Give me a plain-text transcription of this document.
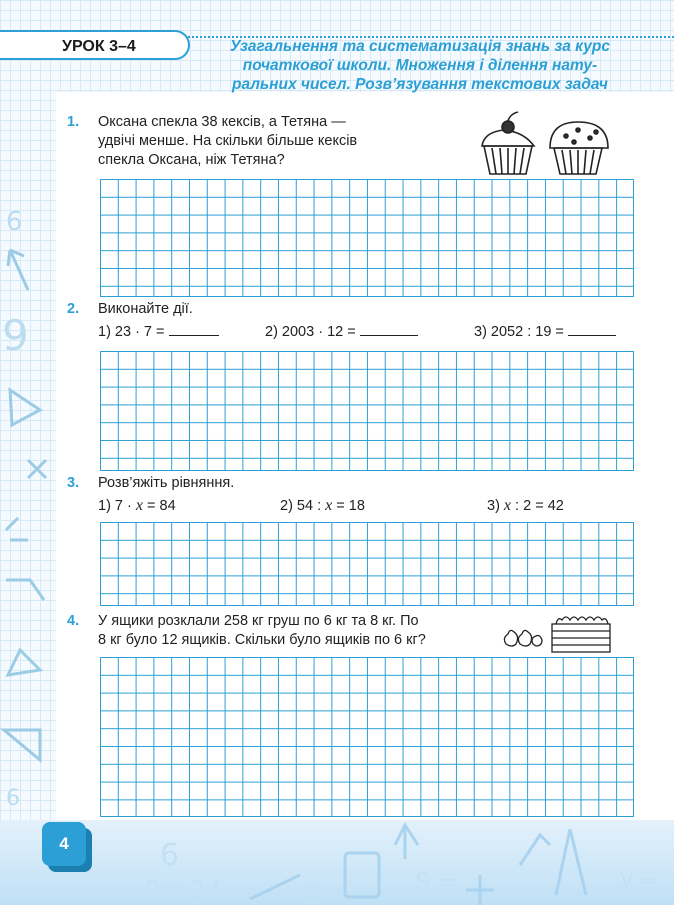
УРОК 3–4	Узагальнення та систематизація знань за курс
початкової школи. Множення і ділення нату-
ральних чисел. Розв’язування текстових задач
1. Оксана спекла 38 кексів, а Тетяна —
удвічі менше. На скільки більше кексів
спекла Оксана, ніж Тетяна?
2. Виконайте дії.
1) 23 · 7 =	2) 2003 · 12 =	3) 2052 : 19 =
3. Розв’яжіть рівняння.
1) 7 · x = 84	2) 54 : x = 18	3) x : 2 = 42
4. У ящики розклали 258 кг груш по 6 кг та 8 кг. По
8 кг було 12 ящиків. Скільки було ящиків по 6 кг?
6
9
6
6
P = 2 (	3	S =	V =
4
